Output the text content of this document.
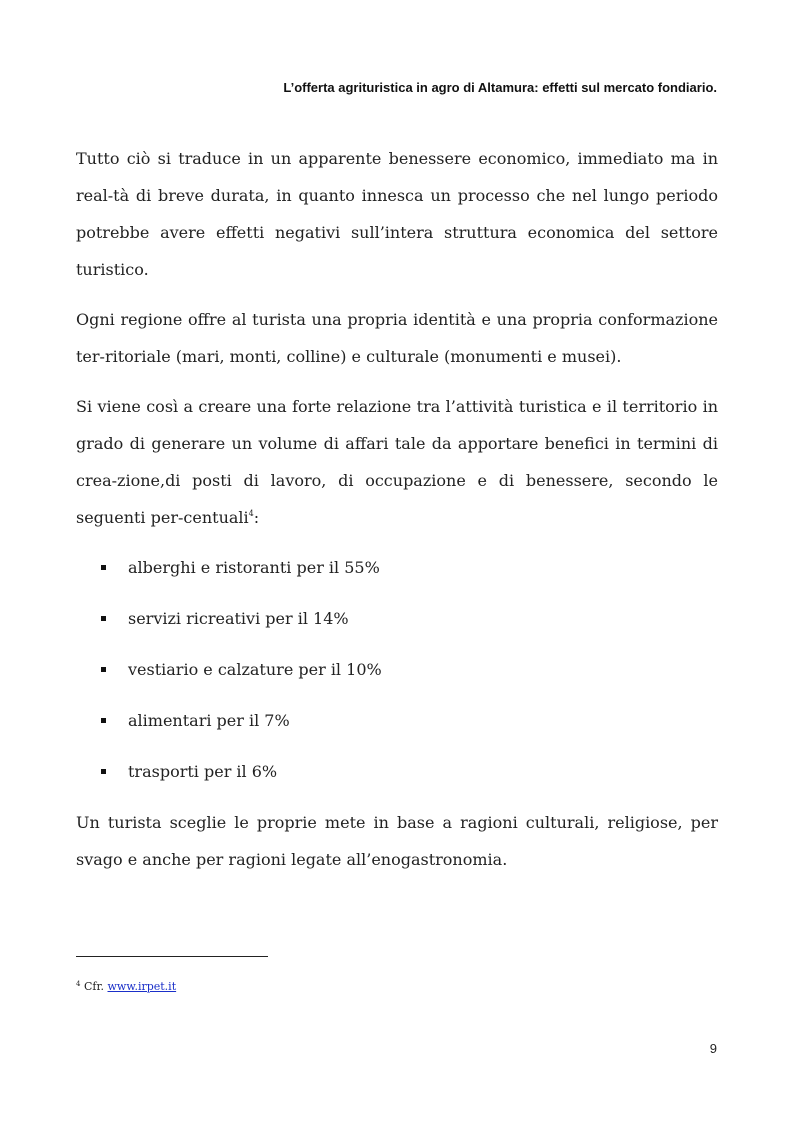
L’offerta agrituristica in agro di Altamura: effetti sul mercato fondiario.

Tutto ciò si traduce in un apparente benessere economico, immediato ma in real-tà di breve durata, in quanto innesca un processo che nel lungo periodo potrebbe avere effetti negativi sull’intera struttura economica del settore turistico.

Ogni regione offre al turista una propria identità e una propria conformazione ter-ritoriale (mari, monti, colline) e culturale (monumenti e musei).

Si viene così a creare una forte relazione tra l’attività turistica e il territorio in grado di generare un volume di affari tale da apportare benefici in termini di crea-zione,di posti di lavoro, di occupazione e di benessere, secondo le seguenti per-centuali$^4$:

alberghi e ristoranti per il 55%
servizi ricreativi per il 14%
vestiario e calzature per il 10%
alimentari per il 7%
trasporti per il 6%

Un turista sceglie le proprie mete in base a ragioni culturali, religiose, per svago e anche per ragioni legate all’enogastronomia.

$^4$ Cfr. www.irpet.it
9
